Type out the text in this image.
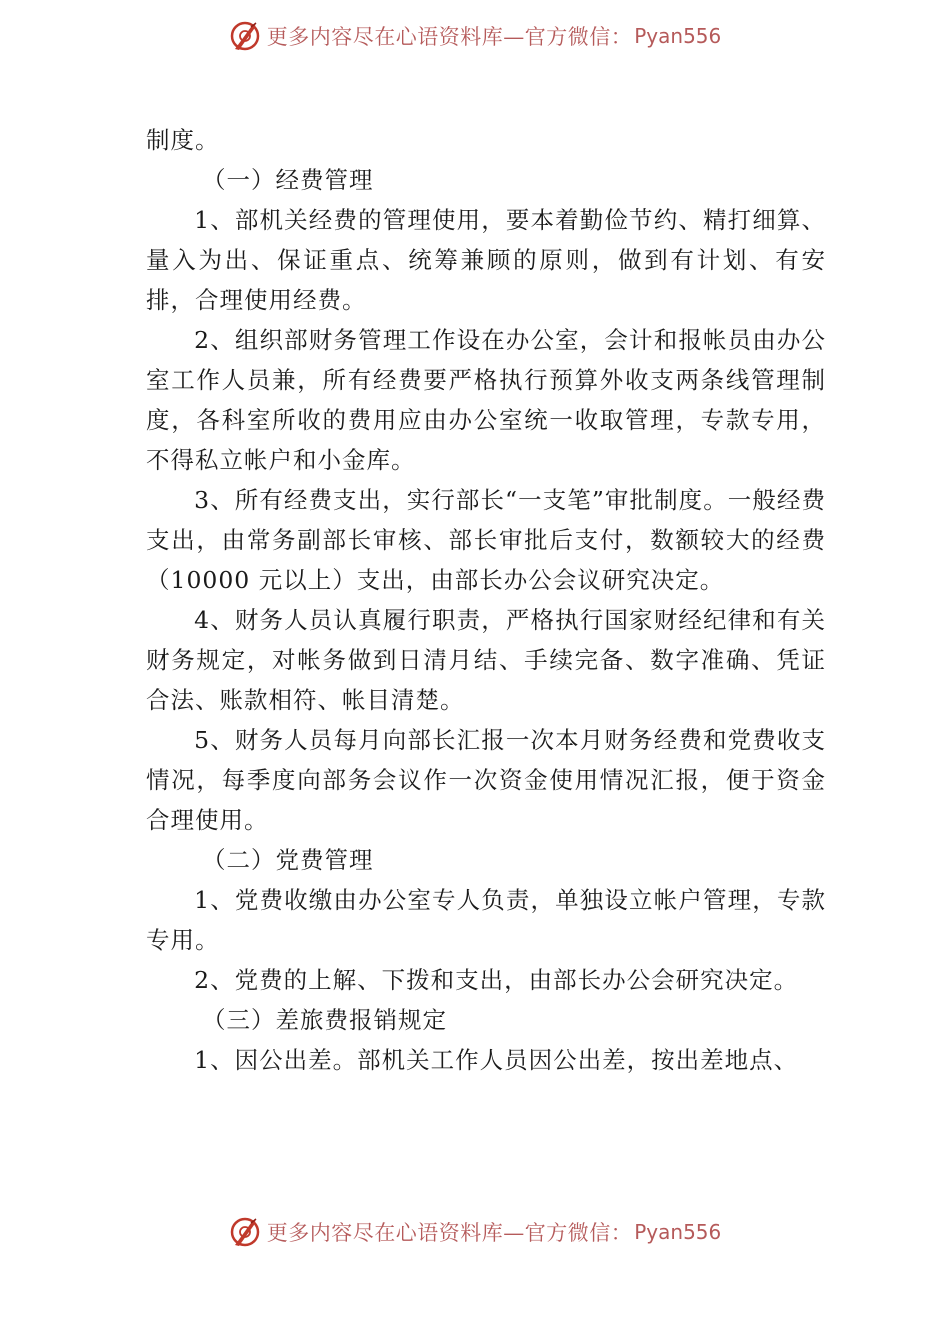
更多内容尽在心语资料库—官方微信： Pyan556

制度。

（一）经费管理

1、部机关经费的管理使用，要本着勤俭节约、精打细算、量入为出、保证重点、统筹兼顾的原则，做到有计划、有安排，合理使用经费。

2、组织部财务管理工作设在办公室，会计和报帐员由办公室工作人员兼，所有经费要严格执行预算外收支两条线管理制度，各科室所收的费用应由办公室统一收取管理，专款专用，不得私立帐户和小金库。

3、所有经费支出，实行部长“一支笔”审批制度。一般经费支出，由常务副部长审核、部长审批后支付，数额较大的经费（10000 元以上）支出，由部长办公会议研究决定。

4、财务人员认真履行职责，严格执行国家财经纪律和有关财务规定，对帐务做到日清月结、手续完备、数字准确、凭证合法、账款相符、帐目清楚。

5、财务人员每月向部长汇报一次本月财务经费和党费收支情况，每季度向部务会议作一次资金使用情况汇报，便于资金合理使用。

（二）党费管理

1、党费收缴由办公室专人负责，单独设立帐户管理，专款专用。

2、党费的上解、下拨和支出，由部长办公会研究决定。

（三）差旅费报销规定

1、因公出差。部机关工作人员因公出差，按出差地点、

更多内容尽在心语资料库—官方微信： Pyan556
